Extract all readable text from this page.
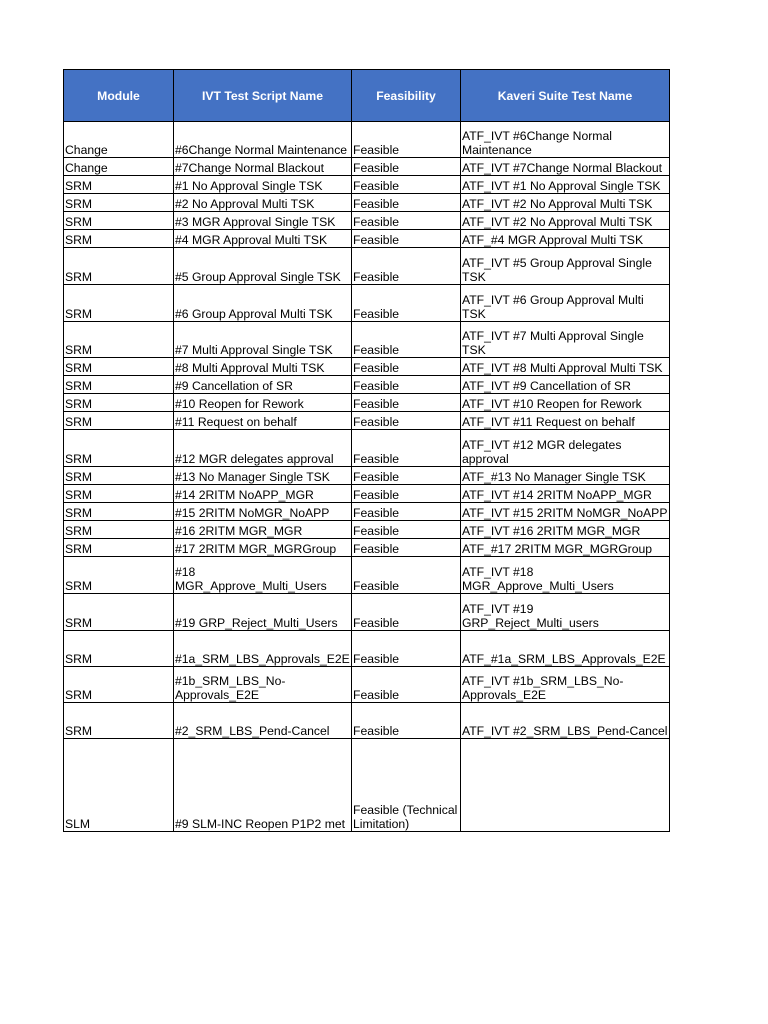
Module	IVT Test Script Name	Feasibility	Kaveri Suite Test Name
Change	#6Change Normal Maintenance	Feasible	ATF_IVT #6Change Normal Maintenance
Change	#7Change Normal Blackout	Feasible	ATF_IVT #7Change Normal Blackout
SRM	#1 No Approval Single TSK	Feasible	ATF_IVT #1 No Approval Single TSK
SRM	#2 No Approval Multi TSK	Feasible	ATF_IVT #2 No Approval Multi TSK
SRM	#3 MGR Approval Single TSK	Feasible	ATF_IVT #2 No Approval Multi TSK
SRM	#4 MGR Approval Multi TSK	Feasible	ATF_#4 MGR Approval Multi TSK
SRM	#5 Group Approval Single TSK	Feasible	ATF_IVT #5 Group Approval Single TSK
SRM	#6 Group Approval Multi TSK	Feasible	ATF_IVT #6 Group Approval Multi TSK
SRM	#7 Multi Approval Single TSK	Feasible	ATF_IVT #7 Multi Approval Single TSK
SRM	#8 Multi Approval Multi TSK	Feasible	ATF_IVT #8 Multi Approval Multi TSK
SRM	#9 Cancellation of SR	Feasible	ATF_IVT #9 Cancellation of SR
SRM	#10 Reopen for Rework	Feasible	ATF_IVT #10 Reopen for Rework
SRM	#11 Request on behalf	Feasible	ATF_IVT #11 Request on behalf
SRM	#12 MGR delegates approval	Feasible	ATF_IVT #12 MGR delegates approval
SRM	#13 No Manager Single TSK	Feasible	ATF_#13 No Manager Single TSK
SRM	#14 2RITM NoAPP_MGR	Feasible	ATF_IVT #14 2RITM NoAPP_MGR
SRM	#15 2RITM NoMGR_NoAPP	Feasible	ATF_IVT #15 2RITM NoMGR_NoAPP
SRM	#16 2RITM MGR_MGR	Feasible	ATF_IVT #16 2RITM MGR_MGR
SRM	#17 2RITM MGR_MGRGroup	Feasible	ATF_#17 2RITM MGR_MGRGroup
SRM	#18 MGR_Approve_Multi_Users	Feasible	ATF_IVT #18 MGR_Approve_Multi_Users
SRM	#19 GRP_Reject_Multi_Users	Feasible	ATF_IVT #19 GRP_Reject_Multi_users
SRM	#1a_SRM_LBS_Approvals_E2E	Feasible	ATF_#1a_SRM_LBS_Approvals_E2E
SRM	#1b_SRM_LBS_No-Approvals_E2E	Feasible	ATF_IVT #1b_SRM_LBS_No-Approvals_E2E
SRM	#2_SRM_LBS_Pend-Cancel	Feasible	ATF_IVT #2_SRM_LBS_Pend-Cancel
SLM	#9 SLM-INC Reopen P1P2 met	Feasible (Technical Limitation)	
